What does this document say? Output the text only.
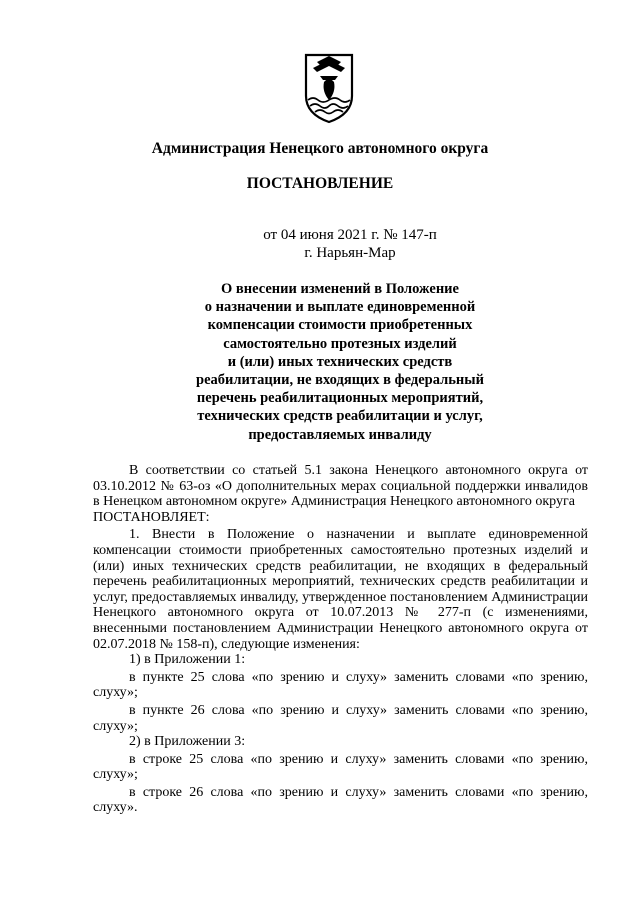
Администрация Ненецкого автономного округа
ПОСТАНОВЛЕНИЕ
от 04 июня 2021 г. № 147-п
г. Нарьян-Мар
О внесении изменений в Положение
о назначении и выплате единовременной
компенсации стоимости приобретенных
самостоятельно протезных изделий
и (или) иных технических средств
реабилитации, не входящих в федеральный
перечень реабилитационных мероприятий,
технических средств реабилитации и услуг,
предоставляемых инвалиду

В соответствии со статьей 5.1 закона Ненецкого автономного округа от 03.10.2012 № 63-оз «О дополнительных мерах социальной поддержки инвалидов в Ненецком автономном округе» Администрация Ненецкого автономного округа

ПОСТАНОВЛЯЕТ:

1. Внести в Положение о назначении и выплате единовременной компенсации стоимости приобретенных самостоятельно протезных изделий и (или) иных технических средств реабилитации, не входящих в федеральный перечень реабилитационных мероприятий, технических средств реабилитации и услуг, предоставляемых инвалиду, утвержденное постановлением Администрации Ненецкого автономного округа от 10.07.2013 № 277-п (с изменениями, внесенными постановлением Администрации Ненецкого автономного округа от 02.07.2018 № 158-п), следующие изменения:

1) в Приложении 1:

в пункте 25 слова «по зрению и слуху» заменить словами «по зрению, слуху»;

в пункте 26 слова «по зрению и слуху» заменить словами «по зрению, слуху»;

2) в Приложении 3:

в строке 25 слова «по зрению и слуху» заменить словами «по зрению, слуху»;

в строке 26 слова «по зрению и слуху» заменить словами «по зрению, слуху».
